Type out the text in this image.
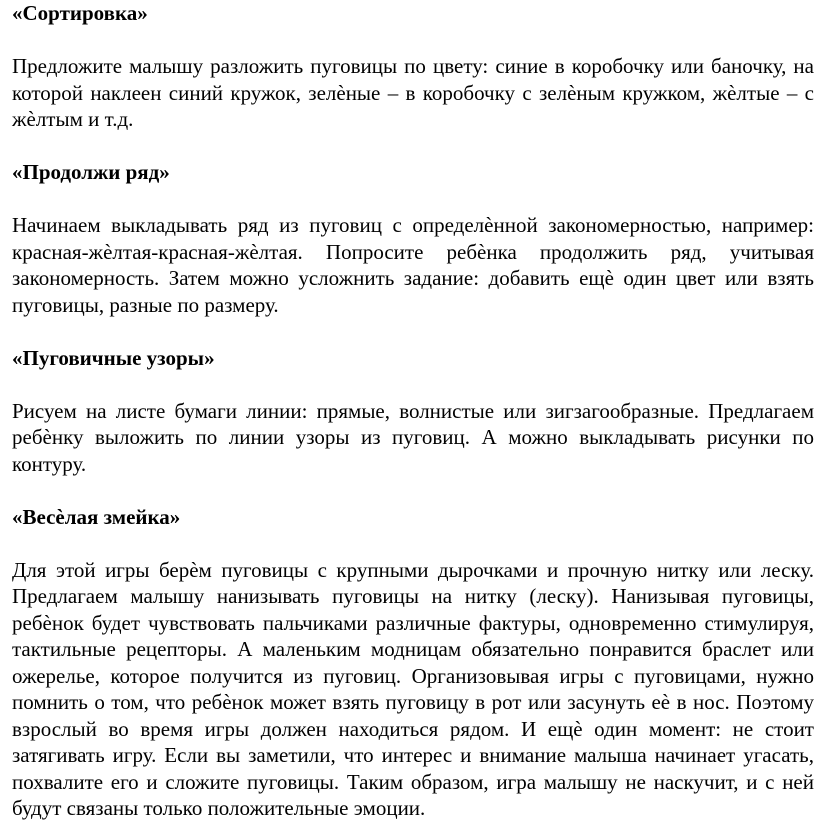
«Сортировка»

Предложите малышу разложить пуговицы по цвету: синие в коробочку или баночку, на которой наклеен синий кружок, зелѐные – в коробочку с зелѐным кружком, жѐлтые – с жѐлтым и т.д.

«Продолжи ряд»

Начинаем выкладывать ряд из пуговиц с определѐнной закономерностью, например: красная-жѐлтая-красная-жѐлтая. Попросите ребѐнка продолжить ряд, учитывая закономерность. Затем можно усложнить задание: добавить ещѐ один цвет или взять пуговицы, разные по размеру.

«Пуговичные узоры»

Рисуем на листе бумаги линии: прямые, волнистые или зигзагообразные. Предлагаем ребѐнку выложить по линии узоры из пуговиц. А можно выкладывать рисунки по контуру.

«Весѐлая змейка»

Для этой игры берѐм пуговицы с крупными дырочками и прочную нитку или леску. Предлагаем малышу нанизывать пуговицы на нитку (леску). Нанизывая пуговицы, ребѐнок будет чувствовать пальчиками различные фактуры, одновременно стимулируя, тактильные рецепторы. А маленьким модницам обязательно понравится браслет или ожерелье, которое получится из пуговиц. Организовывая игры с пуговицами, нужно помнить о том, что ребѐнок может взять пуговицу в рот или засунуть еѐ в нос. Поэтому взрослый во время игры должен находиться рядом. И ещѐ один момент: не стоит затягивать игру. Если вы заметили, что интерес и внимание малыша начинает угасать, похвалите его и сложите пуговицы. Таким образом, игра малышу не наскучит, и с ней будут связаны только положительные эмоции.
